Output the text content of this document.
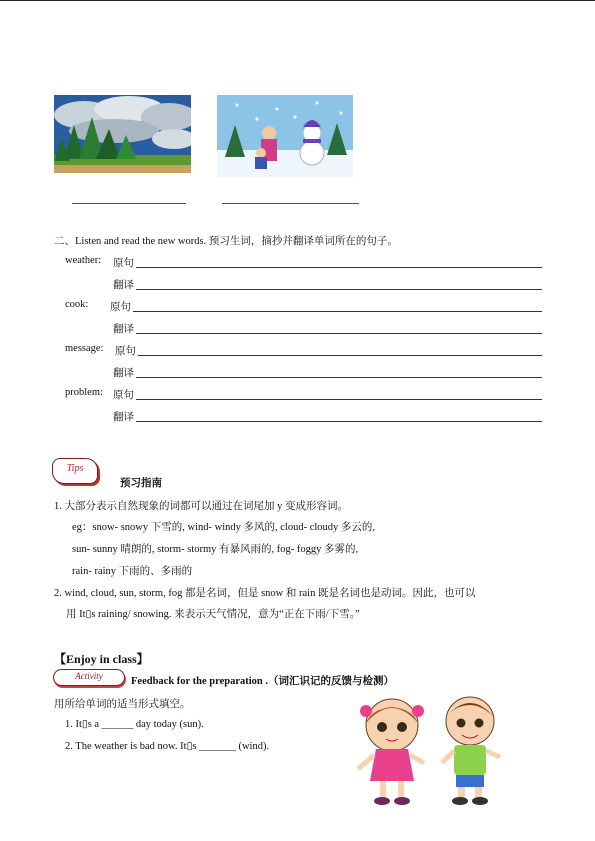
二、Listen and read the new words. 预习生词，摘抄并翻译单词所在的句子。
weather: 原句
翻译
cook: 原句
翻译
message: 原句
翻译
problem: 原句
翻译
Tips
预习指南
1. 大部分表示自然现象的词都可以通过在词尾加 y 变成形容词。
eg：snow- snowy 下雪的, wind- windy 多风的, cloud- cloudy 多云的,
sun- sunny 晴朗的, storm- stormy 有暴风雨的, fog- foggy 多雾的,
rain- rainy 下雨的、多雨的
2. wind, cloud, sun, storm, fog 都是名词，但是 snow 和 rain 既是名词也是动词。因此，也可以
用 It▯s raining/ snowing. 来表示天气情况，意为“正在下雨/下雪。”
【Enjoy in class】
Activity	Feedback for the preparation .（词汇识记的反馈与检测）
用所给单词的适当形式填空。
1. It▯s a ______ day today (sun).
2. The weather is bad now. It▯s _______ (wind).
